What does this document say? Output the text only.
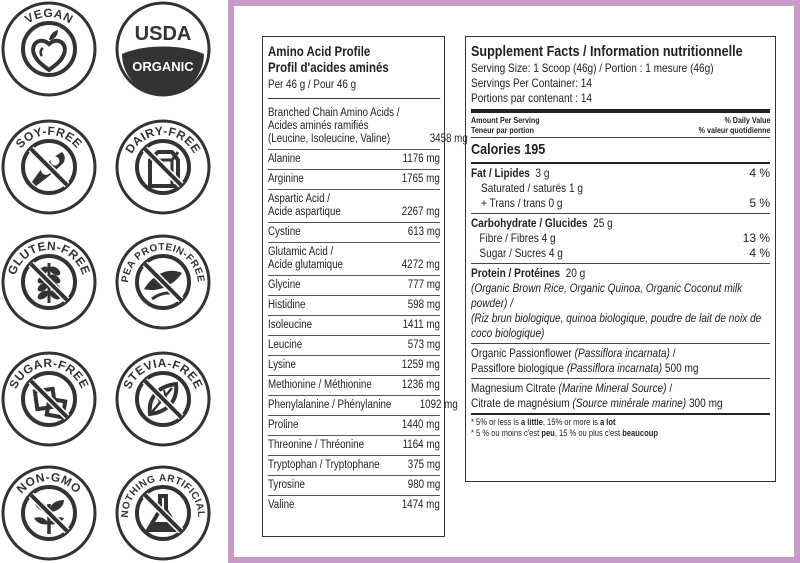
VEGAN
USDA
ORGANIC
SOY-FREE	DAIRY-FREE
GLUTEN-FREE
PEA PROTEIN-FREE
SUGAR-FREE STEVIA-FREE
NON-GMO
NOTHING ARTIFICIAL
Amino Acid Profile
Profil d'acides aminés
Per 46 g / Pour 46 g
Branched Chain Amino Acids /
Acides aminés ramifiés
(Leucine, Isoleucine, Valine)	3458 mg
Alanine	1176 mg
Arginine	1765 mg
Aspartic Acid /
Acide aspartique	2267 mg
Cystine	613 mg
Glutamic Acid /
Acide glutamique	4272 mg
Glycine	777 mg
Histidine	598 mg
Isoleucine	1411 mg
Leucine	573 mg
Lysine	1259 mg
Methionine / Méthionine	1236 mg
Phenylalanine / Phénylanine 1092 mg
Proline	1440 mg
Threonine / Thréonine	1164 mg
Tryptophan / Tryptophane 375 mg
Tyrosine	980 mg
Valine	1474 mg
Supplement Facts / Information nutritionnelle
Serving Size: 1 Scoop (46g) / Portion : 1 mesure (46g)
Servings Per Container: 14
Portions par contenant : 14
Amount Per Serving
Teneur par portion
% Daily Value
% valeur quotidienne
Calories 195
Fat / Lipides 3 g	4 %
Saturated / saturés 1 g
+ Trans / trans 0 g	5 %
Carbohydrate / Glucides 25 g
Fibre / Fibres 4 g	13 %
Sugar / Sucres 4 g	4 %
Protein / Protéines 20 g
(Organic Brown Rice, Organic Quinoa, Organic Coconut milk powder) /
(Riz brun biologique, quinoa biologique, poudre de lait de noix de coco biologique)
Organic Passionflower (Passiflora incarnata) /
Passiflore biologique (Passiflora incarnata) 500 mg
Magnesium Citrate (Marine Mineral Source) /
Citrate de magnésium (Source minérale marine) 300 mg
* 5% or less is a little, 15% or more is a lot
* 5 % ou moins c'est peu, 15 % ou plus c'est beaucoup
